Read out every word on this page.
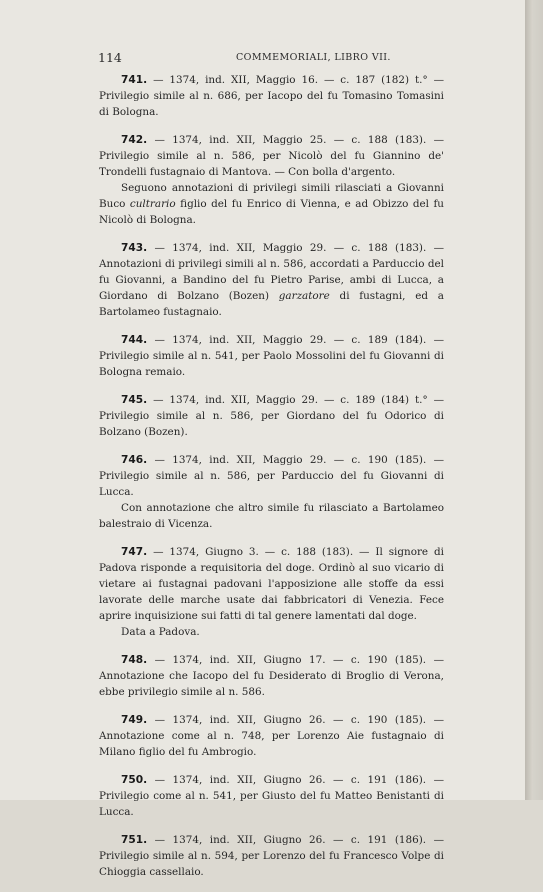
114	COMMEMORIALI, LIBRO VII.

741. — 1374, ind. XII, Maggio 16. — c. 187 (182) t.° — Privilegio simile al n. 686, per Iacopo del fu Tomasino Tomasini di Bologna.

742. — 1374, ind. XII, Maggio 25. — c. 188 (183). — Privilegio simile al n. 586, per Nicolò del fu Giannino de' Trondelli fustagnaio di Mantova. — Con bolla d'argento.

Seguono annotazioni di privilegi simili rilasciati a Giovanni Buco cultrario figlio del fu Enrico di Vienna, e ad Obizzo del fu Nicolò di Bologna.

743. — 1374, ind. XII, Maggio 29. — c. 188 (183). — Annotazioni di privilegi simili al n. 586, accordati a Parduccio del fu Giovanni, a Bandino del fu Pietro Parise, ambi di Lucca, a Giordano di Bolzano (Bozen) garzatore di fustagni, ed a Bartolameo fustagnaio.

744. — 1374, ind. XII, Maggio 29. — c. 189 (184). — Privilegio simile al n. 541, per Paolo Mossolini del fu Giovanni di Bologna remaio.

745. — 1374, ind. XII, Maggio 29. — c. 189 (184) t.° — Privilegio simile al n. 586, per Giordano del fu Odorico di Bolzano (Bozen).

746. — 1374, ind. XII, Maggio 29. — c. 190 (185). — Privilegio simile al n. 586, per Parduccio del fu Giovanni di Lucca.

Con annotazione che altro simile fu rilasciato a Bartolameo balestraio di Vicenza.

747. — 1374, Giugno 3. — c. 188 (183). — Il signore di Padova risponde a requisitoria del doge. Ordinò al suo vicario di vietare ai fustagnai padovani l'apposizione alle stoffe da essi lavorate delle marche usate dai fabbricatori di Venezia. Fece aprire inquisizione sui fatti di tal genere lamentati dal doge.

Data a Padova.

748. — 1374, ind. XII, Giugno 17. — c. 190 (185). — Annotazione che Iacopo del fu Desiderato di Broglio di Verona, ebbe privilegio simile al n. 586.

749. — 1374, ind. XII, Giugno 26. — c. 190 (185). — Annotazione come al n. 748, per Lorenzo Aie fustagnaio di Milano figlio del fu Ambrogio.

750. — 1374, ind. XII, Giugno 26. — c. 191 (186). — Privilegio come al n. 541, per Giusto del fu Matteo Benistanti di Lucca.

751. — 1374, ind. XII, Giugno 26. — c. 191 (186). — Privilegio simile al n. 594, per Lorenzo del fu Francesco Volpe di Chioggia cassellaio.
